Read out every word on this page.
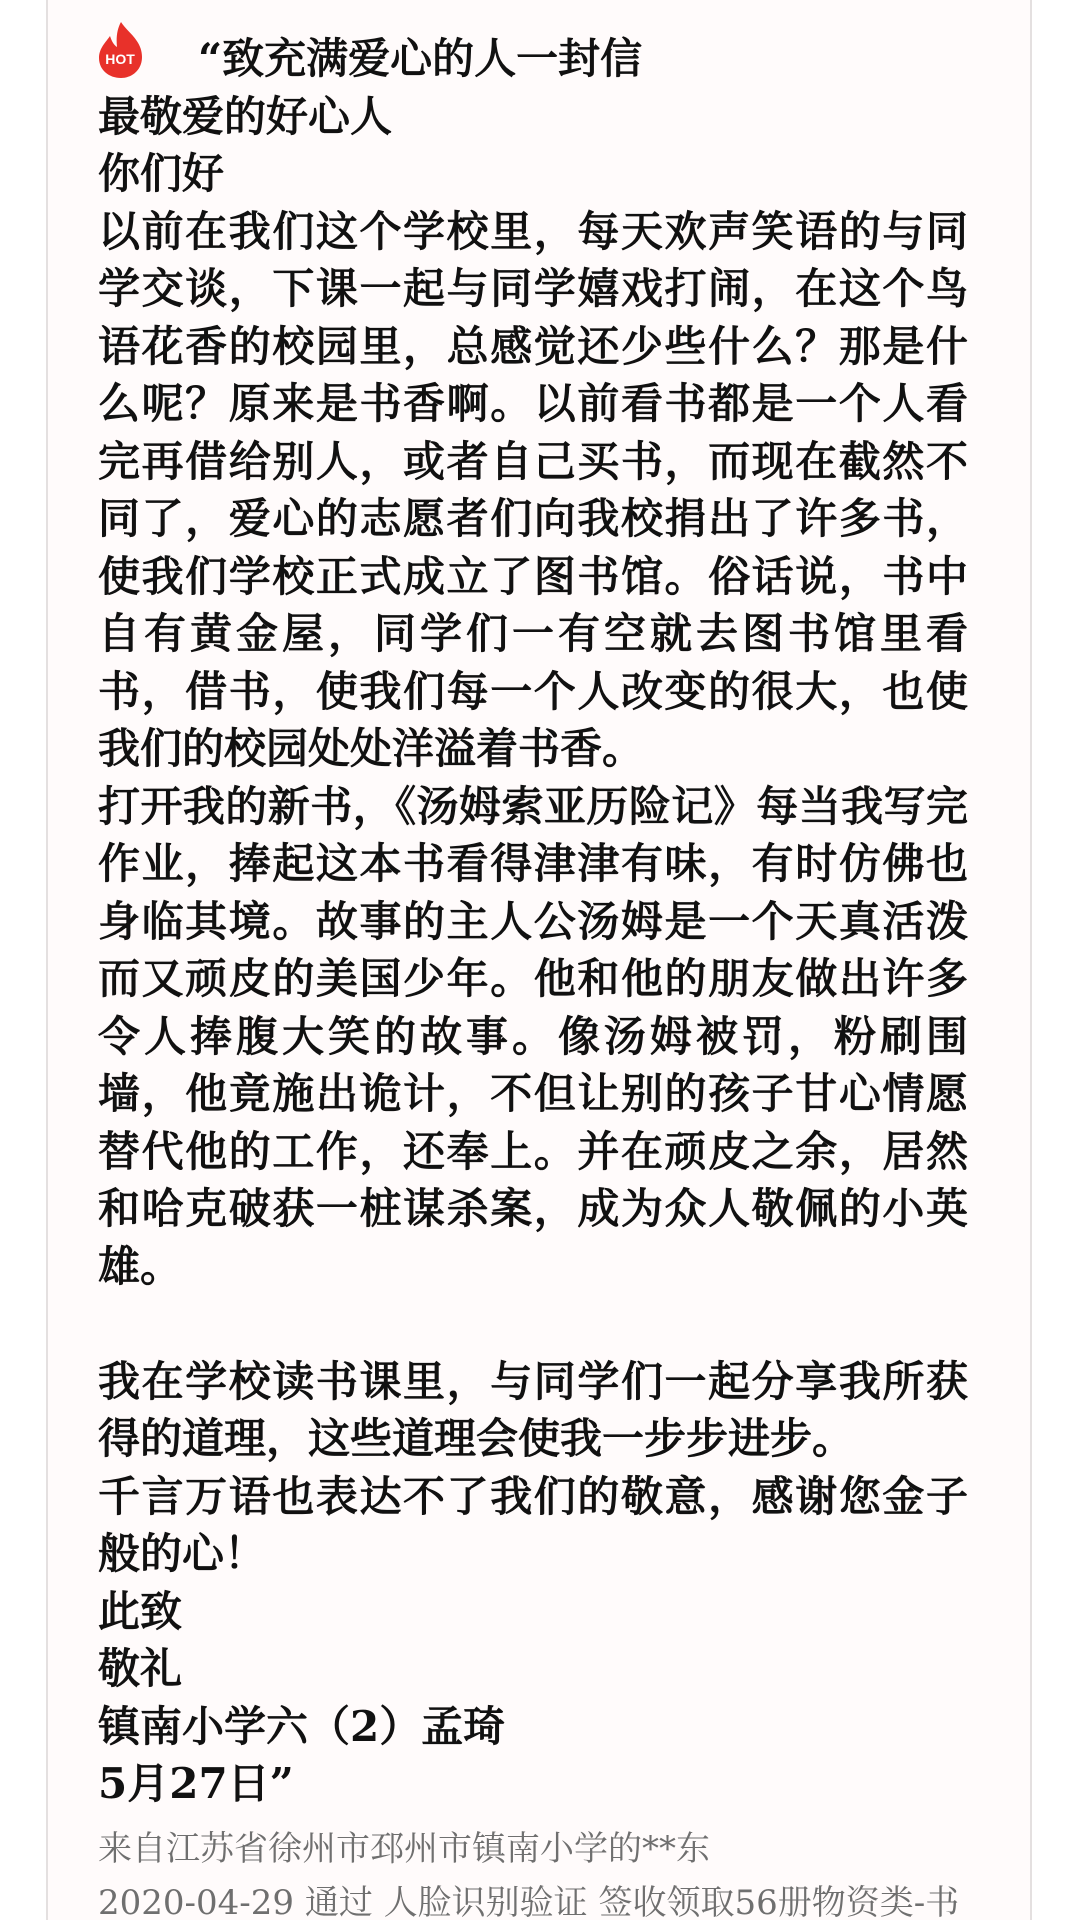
HOT	“致充满爱心的人一封信
最敬爱的好心人
你们好
以前在我们这个学校里，每天欢声笑语的与同学交谈，下课一起与同学嬉戏打闹，在这个鸟语花香的校园里，总感觉还少些什么？那是什么呢？原来是书香啊。以前看书都是一个人看完再借给别人，或者自己买书，而现在截然不同了，爱心的志愿者们向我校捐出了许多书，使我们学校正式成立了图书馆。俗话说，书中自有黄金屋，同学们一有空就去图书馆里看书，借书，使我们每一个人改变的很大，也使我们的校园处处洋溢着书香。
打开我的新书，《汤姆索亚历险记》每当我写完作业，捧起这本书看得津津有味，有时仿佛也身临其境。故事的主人公汤姆是一个天真活泼而又顽皮的美国少年。他和他的朋友做出许多令人捧腹大笑的故事。像汤姆被罚，粉刷围墙，他竟施出诡计，不但让别的孩子甘心情愿替代他的工作，还奉上。并在顽皮之余，居然和哈克破获一桩谋杀案，成为众人敬佩的小英雄。
我在学校读书课里，与同学们一起分享我所获得的道理，这些道理会使我一步步进步。
千言万语也表达不了我们的敬意，感谢您金子般的心！
此致
敬礼
镇南小学六（2）孟琦
5月27日”
来自江苏省徐州市邳州市镇南小学的**东
2020-04-29 通过 人脸识别验证 签收领取56册物资类-书
